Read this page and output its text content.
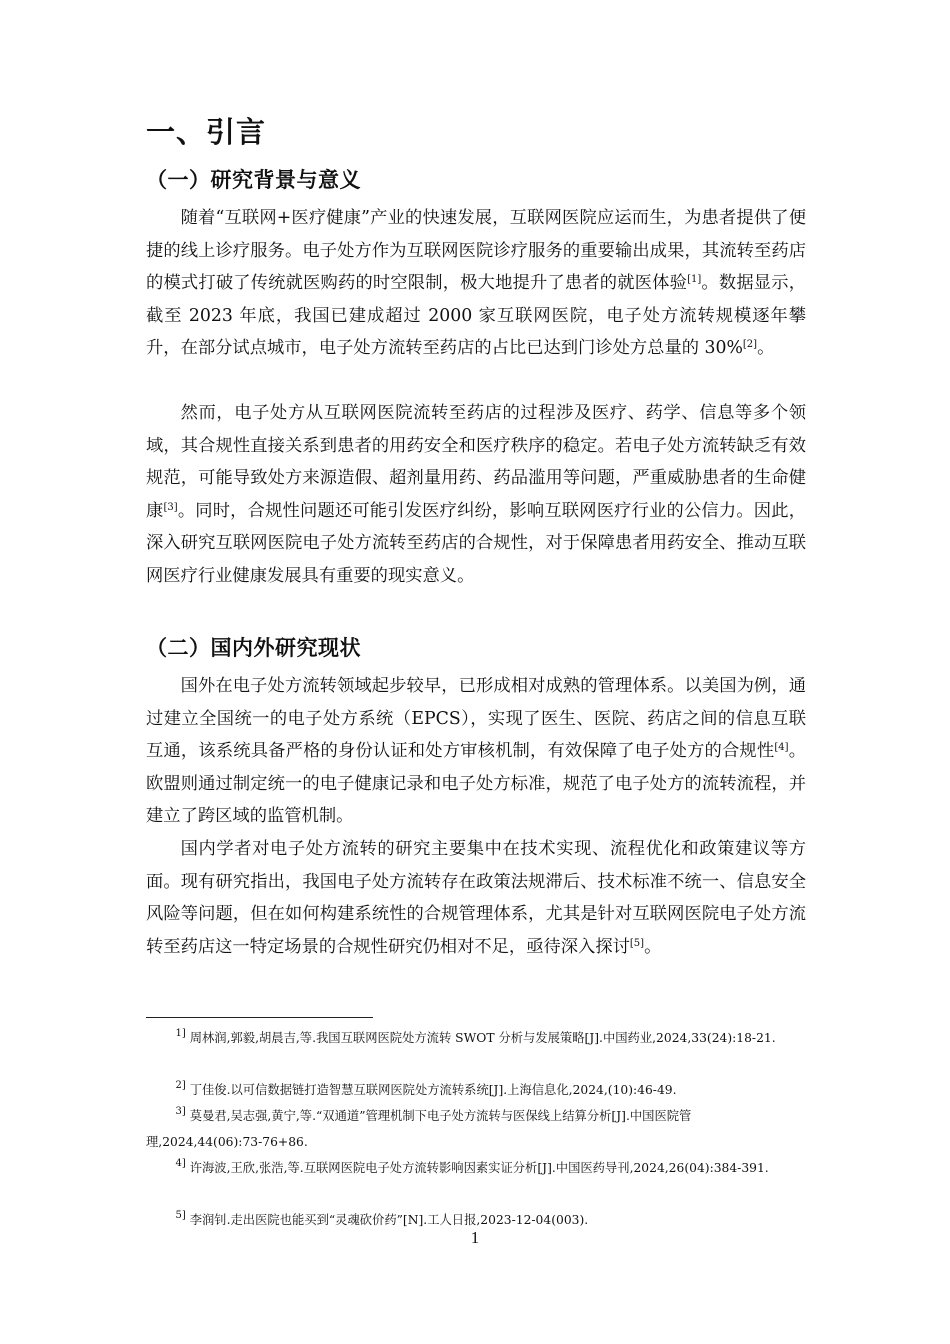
一、引言
（一）研究背景与意义

随着“互联网+医疗健康”产业的快速发展，互联网医院应运而生，为患者提供了便捷的线上诊疗服务。电子处方作为互联网医院诊疗服务的重要输出成果，其流转至药店的模式打破了传统就医购药的时空限制，极大地提升了患者的就医体验[1]。数据显示，截至 2023 年底，我国已建成超过 2000 家互联网医院，电子处方流转规模逐年攀升，在部分试点城市，电子处方流转至药店的占比已达到门诊处方总量的 30%[2]。

然而，电子处方从互联网医院流转至药店的过程涉及医疗、药学、信息等多个领域，其合规性直接关系到患者的用药安全和医疗秩序的稳定。若电子处方流转缺乏有效规范，可能导致处方来源造假、超剂量用药、药品滥用等问题，严重威胁患者的生命健康[3]。同时，合规性问题还可能引发医疗纠纷，影响互联网医疗行业的公信力。因此，深入研究互联网医院电子处方流转至药店的合规性，对于保障患者用药安全、推动互联网医疗行业健康发展具有重要的现实意义。

（二）国内外研究现状

国外在电子处方流转领域起步较早，已形成相对成熟的管理体系。以美国为例，通过建立全国统一的电子处方系统（EPCS），实现了医生、医院、药店之间的信息互联互通，该系统具备严格的身份认证和处方审核机制，有效保障了电子处方的合规性[4]。欧盟则通过制定统一的电子健康记录和电子处方标准，规范了电子处方的流转流程，并建立了跨区域的监管机制。

国内学者对电子处方流转的研究主要集中在技术实现、流程优化和政策建议等方面。现有研究指出，我国电子处方流转存在政策法规滞后、技术标准不统一、信息安全风险等问题，但在如何构建系统性的合规管理体系，尤其是针对互联网医院电子处方流转至药店这一特定场景的合规性研究仍相对不足，亟待深入探讨[5]。

$^{1]}$ 周林润,郭毅,胡晨吉,等.我国互联网医院处方流转 SWOT 分析与发展策略[J].中国药业,2024,33(24):18-21.

$^{2]}$ 丁佳俊.以可信数据链打造智慧互联网医院处方流转系统[J].上海信息化,2024,(10):46-49.

$^{3]}$ 莫曼君,吴志强,黄宁,等.“双通道”管理机制下电子处方流转与医保线上结算分析[J].中国医院管理,2024,44(06):73-76+86.

$^{4]}$ 许海波,王欣,张浩,等.互联网医院电子处方流转影响因素实证分析[J].中国医药导刊,2024,26(04):384-391.

$^{5]}$ 李润钊.走出医院也能买到“灵魂砍价药”[N].工人日报,2023-12-04(003).

1
